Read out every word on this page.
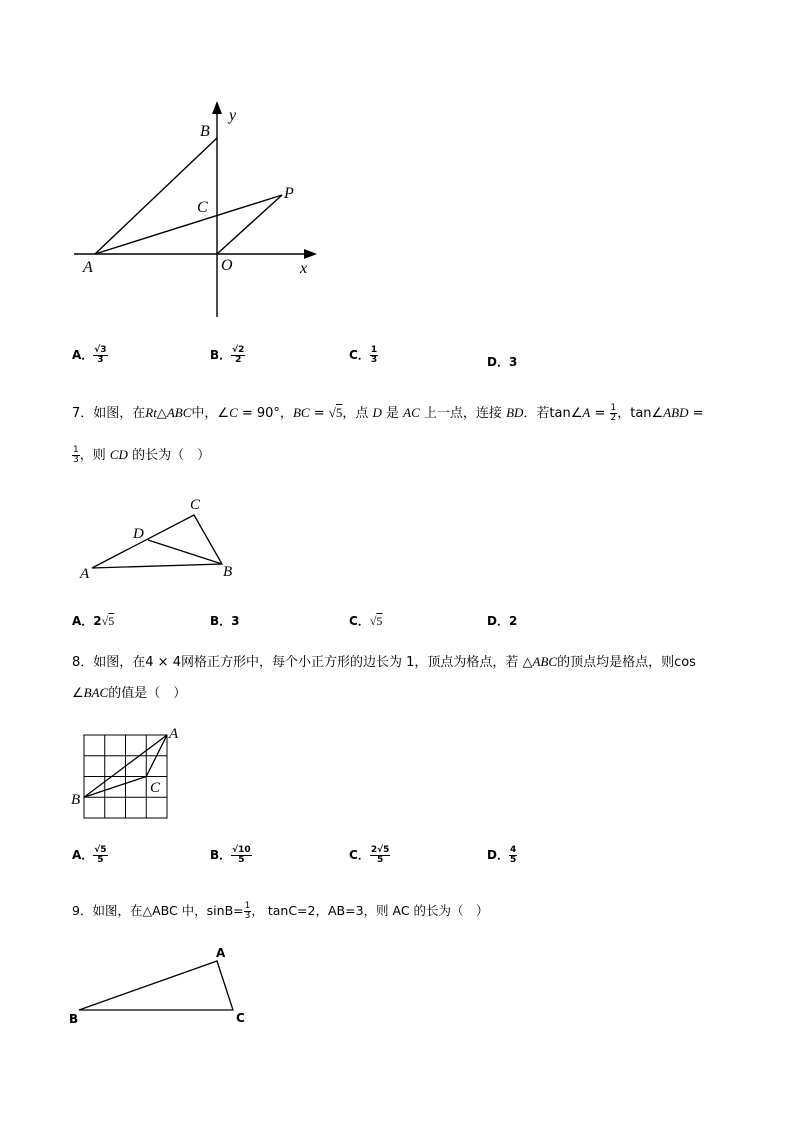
B
y
C
P
A	O	x
A． $\frac{√3}{3}$	B． $\frac{√2}{2}$	C． $\frac{1}{3}$	D．3
7．如图，在Rt△ABC中，∠C = 90°，BC = √5，点 D 是 AC 上一点，连接 BD．若tan∠A = $\frac{1}{2}$ ，tan∠ABD =
$\frac{1}{3}$ ，则 CD 的长为（　）
A	B
C
D
A．2√5	B．3	C．√5	D．2
8．如图，在4 × 4网格正方形中，每个小正方形的边长为 1，顶点为格点，若 △ABC的顶点均是格点，则cos
∠BAC的值是（　）
A
B
C
A． $\frac{√5}{5}$	B． $\frac{√10}{5}$	C． $\frac{2√5}{5}$	D． $\frac{4}{5}$
9．如图，在△ABC 中，$\sin B= \frac{1}{3}$ ， tanC=2，AB=3，则 AC 的长为（　）
A
B	C
